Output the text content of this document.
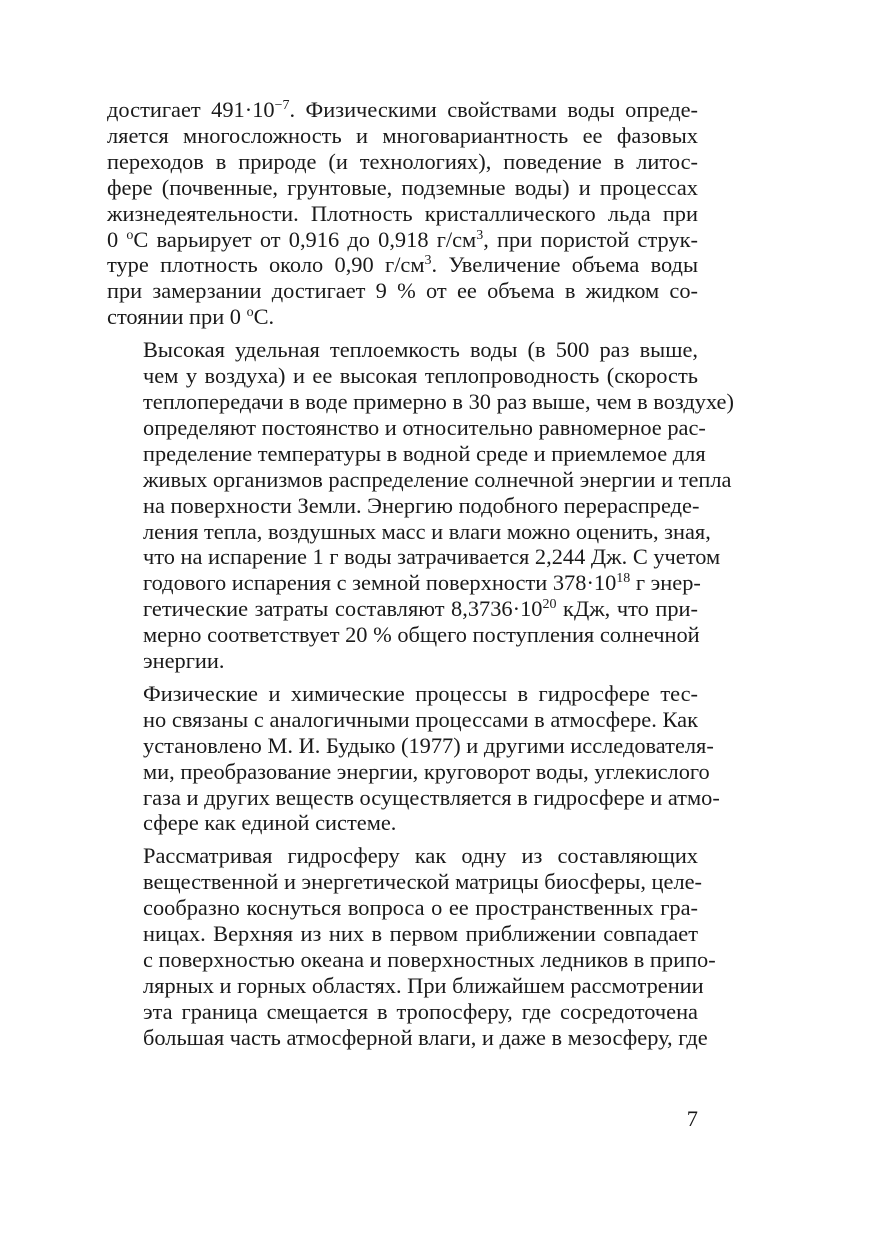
достигает $491\cdot 10^{-7}$. Физическими свойствами воды опреде-
ляется многосложность и многовариантность ее фазовых
переходов в природе (и технологиях), поведение в литос-
фере (почвенные, грунтовые, подземные воды) и процессах
жизнедеятельности. Плотность кристаллического льда при
0 $^o$С варьирует от 0,916 до 0,918 $г/см^3$, при пористой струк-
туре плотность около 0,90 $г/см^3$. Увеличение объема воды
при замерзании достигает 9 % от ее объема в жидком со-
стоянии при 0 $^o$С.

Высокая удельная теплоемкость воды (в 500 раз выше,
чем у воздуха) и ее высокая теплопроводность (скорость
теплопередачи в воде примерно в 30 раз выше, чем в воздухе)
определяют постоянство и относительно равномерное рас-
пределение температуры в водной среде и приемлемое для
живых организмов распределение солнечной энергии и тепла
на поверхности Земли. Энергию подобного перераспреде-
ления тепла, воздушных масс и влаги можно оценить, зная,
что на испарение 1 г воды затрачивается 2,244 Дж. С учетом
годового испарения с земной поверхности $378\cdot 10^{18}$ г энер-
гетические затраты составляют $8,3736\cdot 10^{20}$ кДж, что при-
мерно соответствует 20 % общего поступления солнечной
энергии.

Физические и химические процессы в гидросфере тес-
но связаны с аналогичными процессами в атмосфере. Как
установлено М. И. Будыко (1977) и другими исследователя-
ми, преобразование энергии, круговорот воды, углекислого
газа и других веществ осуществляется в гидросфере и атмо-
сфере как единой системе.

Рассматривая гидросферу как одну из составляющих
вещественной и энергетической матрицы биосферы, целе-
сообразно коснуться вопроса о ее пространственных гра-
ницах. Верхняя из них в первом приближении совпадает
с поверхностью океана и поверхностных ледников в припо-
лярных и горных областях. При ближайшем рассмотрении
эта граница смещается в тропосферу, где сосредоточена
большая часть атмосферной влаги, и даже в мезосферу, где

7
